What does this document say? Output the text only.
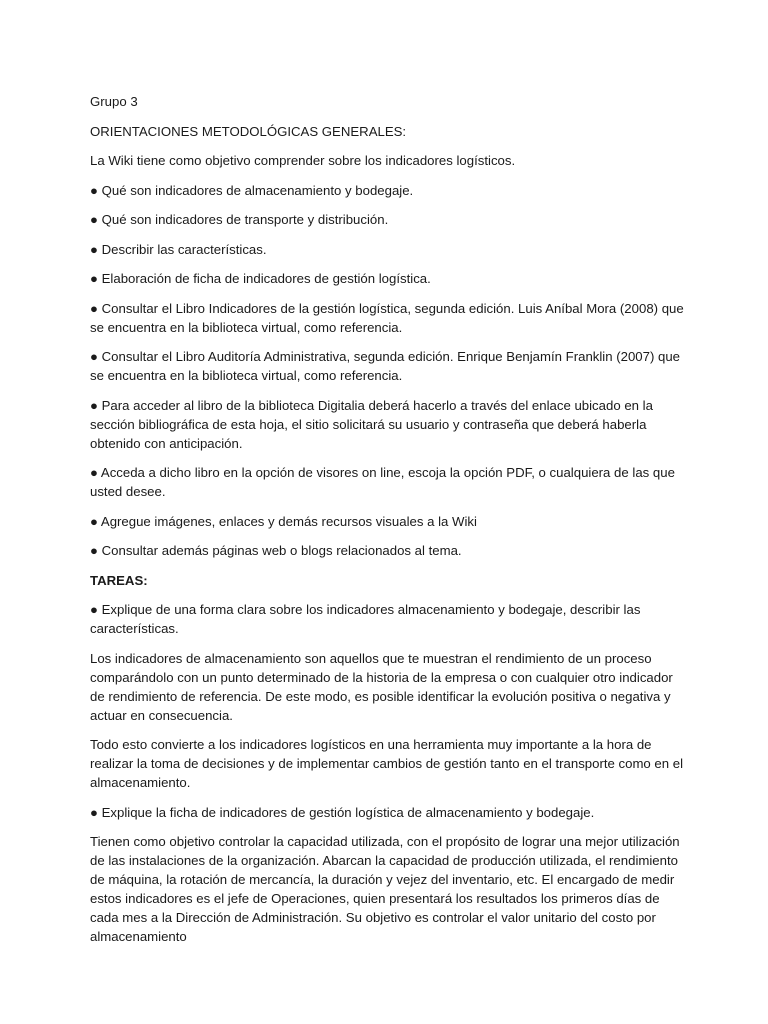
Grupo 3

ORIENTACIONES METODOLÓGICAS GENERALES:

La Wiki tiene como objetivo comprender sobre los indicadores logísticos.

● Qué son indicadores de almacenamiento y bodegaje.

● Qué son indicadores de transporte y distribución.

● Describir las características.

● Elaboración de ficha de indicadores de gestión logística.

● Consultar el Libro Indicadores de la gestión logística, segunda edición. Luis Aníbal Mora (2008) que se encuentra en la biblioteca virtual, como referencia.

● Consultar el Libro Auditoría Administrativa, segunda edición. Enrique Benjamín Franklin (2007) que se encuentra en la biblioteca virtual, como referencia.

● Para acceder al libro de la biblioteca Digitalia deberá hacerlo a través del enlace ubicado en la sección bibliográfica de esta hoja, el sitio solicitará su usuario y contraseña que deberá haberla obtenido con anticipación.

● Acceda a dicho libro en la opción de visores on line, escoja la opción PDF, o cualquiera de las que usted desee.

● Agregue imágenes, enlaces y demás recursos visuales a la Wiki

● Consultar además páginas web o blogs relacionados al tema.

TAREAS:

● Explique de una forma clara sobre los indicadores almacenamiento y bodegaje, describir las características.

Los indicadores de almacenamiento son aquellos que te muestran el rendimiento de un proceso comparándolo con un punto determinado de la historia de la empresa o con cualquier otro indicador de rendimiento de referencia. De este modo, es posible identificar la evolución positiva o negativa y actuar en consecuencia.

Todo esto convierte a los indicadores logísticos en una herramienta muy importante a la hora de realizar la toma de decisiones y de implementar cambios de gestión tanto en el transporte como en el almacenamiento.

● Explique la ficha de indicadores de gestión logística de almacenamiento y bodegaje.

Tienen como objetivo controlar la capacidad utilizada, con el propósito de lograr una mejor utilización de las instalaciones de la organización. Abarcan la capacidad de producción utilizada, el rendimiento de máquina, la rotación de mercancía, la duración y vejez del inventario, etc. El encargado de medir estos indicadores es el jefe de Operaciones, quien presentará los resultados los primeros días de cada mes a la Dirección de Administración. Su objetivo es controlar el valor unitario del costo por almacenamiento
